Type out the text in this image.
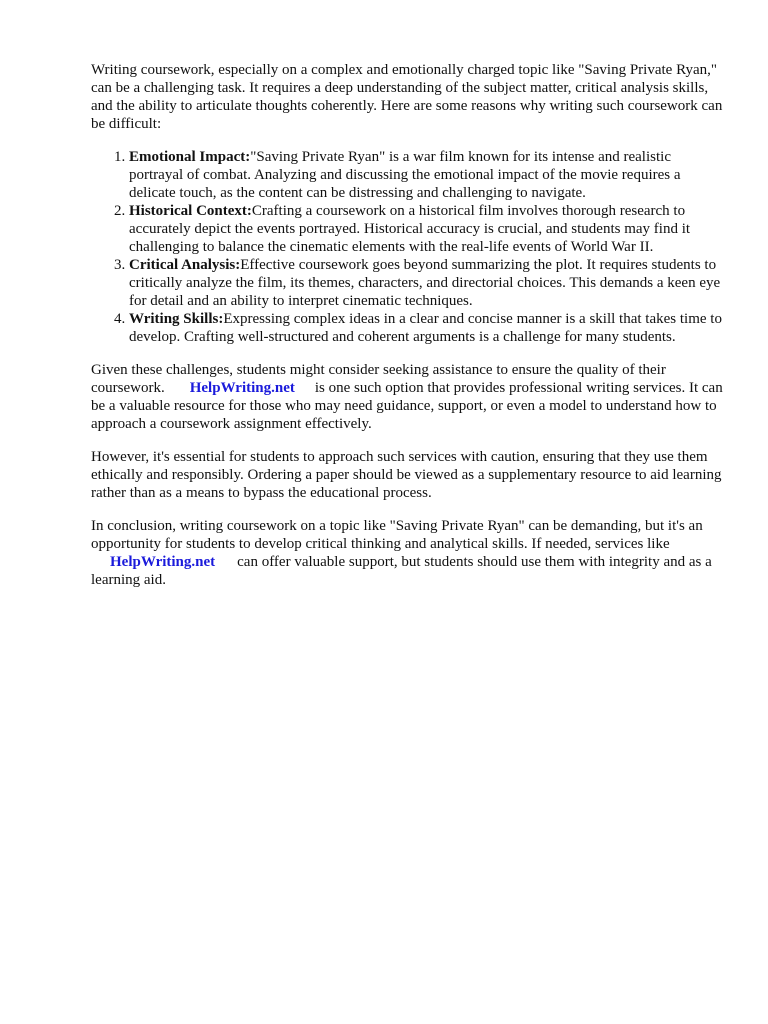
Writing coursework, especially on a complex and emotionally charged topic like "Saving Private Ryan," can be a challenging task. It requires a deep understanding of the subject matter, critical analysis skills, and the ability to articulate thoughts coherently. Here are some reasons why writing such coursework can be difficult:

1. Emotional Impact:"Saving Private Ryan" is a war film known for its intense and realistic portrayal of combat. Analyzing and discussing the emotional impact of the movie requires a delicate touch, as the content can be distressing and challenging to navigate.
2. Historical Context:Crafting a coursework on a historical film involves thorough research to accurately depict the events portrayed. Historical accuracy is crucial, and students may find it challenging to balance the cinematic elements with the real-life events of World War II.
3. Critical Analysis:Effective coursework goes beyond summarizing the plot. It requires students to critically analyze the film, its themes, characters, and directorial choices. This demands a keen eye for detail and an ability to interpret cinematic techniques.
4. Writing Skills:Expressing complex ideas in a clear and concise manner is a skill that takes time to develop. Crafting well-structured and coherent arguments is a challenge for many students.

Given these challenges, students might consider seeking assistance to ensure the quality of their coursework. HelpWriting.net is one such option that provides professional writing services. It can be a valuable resource for those who may need guidance, support, or even a model to understand how to approach a coursework assignment effectively.

However, it's essential for students to approach such services with caution, ensuring that they use them ethically and responsibly. Ordering a paper should be viewed as a supplementary resource to aid learning rather than as a means to bypass the educational process.

In conclusion, writing coursework on a topic like "Saving Private Ryan" can be demanding, but it's an opportunity for students to develop critical thinking and analytical skills. If needed, services like HelpWriting.net can offer valuable support, but students should use them with integrity and as a learning aid.
